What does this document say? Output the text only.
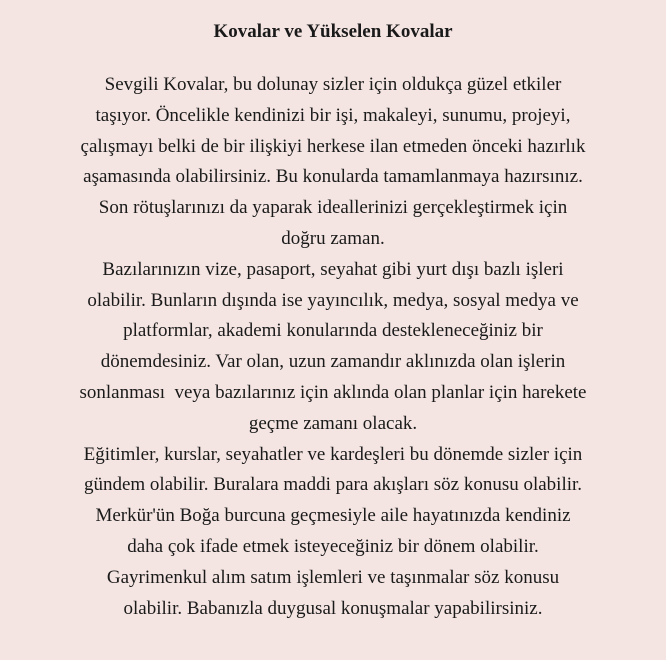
Kovalar ve Yükselen Kovalar
Sevgili Kovalar, bu dolunay sizler için oldukça güzel etkiler
taşıyor. Öncelikle kendinizi bir işi, makaleyi, sunumu, projeyi,
çalışmayı belki de bir ilişkiyi herkese ilan etmeden önceki hazırlık
aşamasında olabilirsiniz. Bu konularda tamamlanmaya hazırsınız.
Son rötuşlarınızı da yaparak ideallerinizi gerçekleştirmek için
doğru zaman.
Bazılarınızın vize, pasaport, seyahat gibi yurt dışı bazlı işleri
olabilir. Bunların dışında ise yayıncılık, medya, sosyal medya ve
platformlar, akademi konularında destekleneceğiniz bir
dönemdesiniz. Var olan, uzun zamandır aklınızda olan işlerin
sonlanması  veya bazılarınız için aklında olan planlar için harekete
geçme zamanı olacak.
Eğitimler, kurslar, seyahatler ve kardeşleri bu dönemde sizler için
gündem olabilir. Buralara maddi para akışları söz konusu olabilir.
Merkür'ün Boğa burcuna geçmesiyle aile hayatınızda kendiniz
daha çok ifade etmek isteyeceğiniz bir dönem olabilir.
Gayrimenkul alım satım işlemleri ve taşınmalar söz konusu
olabilir. Babanızla duygusal konuşmalar yapabilirsiniz.
